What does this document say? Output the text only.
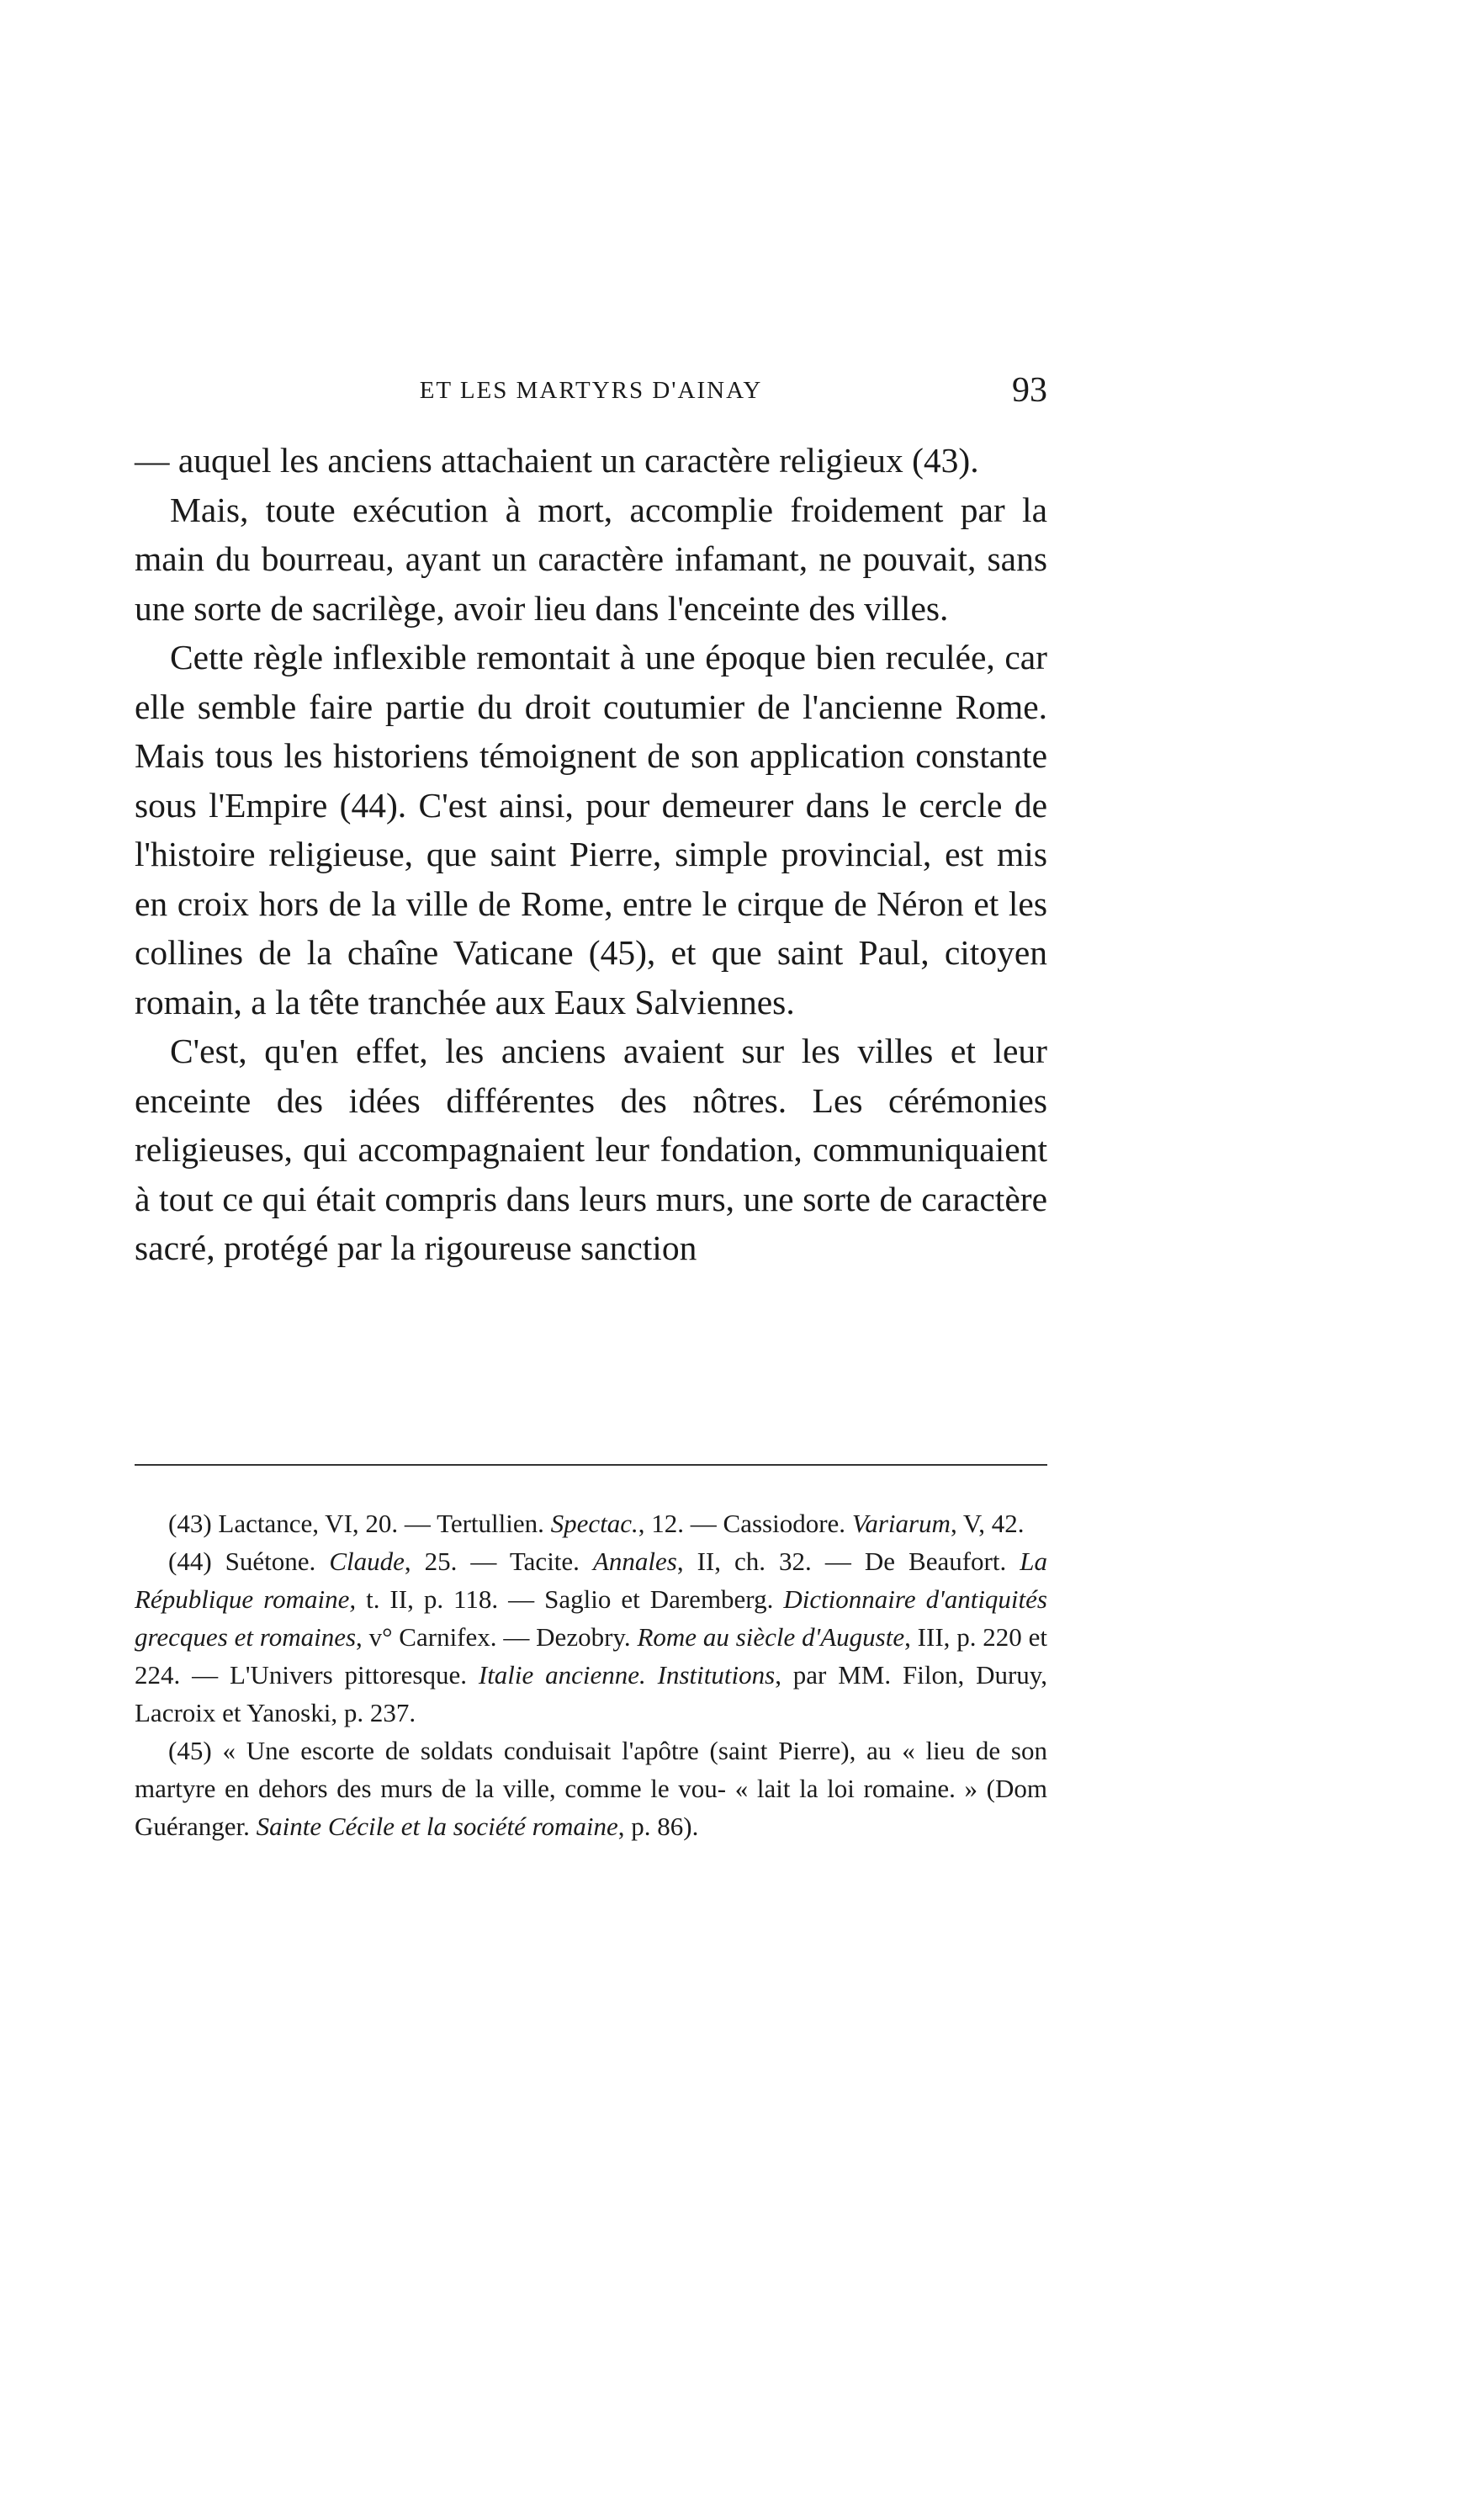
ET LES MARTYRS D'AINAY	93

— auquel les anciens attachaient un caractère religieux (43).

Mais, toute exécution à mort, accomplie froidement par la main du bourreau, ayant un caractère infamant, ne pouvait, sans une sorte de sacrilège, avoir lieu dans l'enceinte des villes.

Cette règle inflexible remontait à une époque bien reculée, car elle semble faire partie du droit coutumier de l'ancienne Rome. Mais tous les historiens témoignent de son application constante sous l'Empire (44). C'est ainsi, pour demeurer dans le cercle de l'histoire religieuse, que saint Pierre, simple provincial, est mis en croix hors de la ville de Rome, entre le cirque de Néron et les collines de la chaîne Vaticane (45), et que saint Paul, citoyen romain, a la tête tranchée aux Eaux Salviennes.

C'est, qu'en effet, les anciens avaient sur les villes et leur enceinte des idées différentes des nôtres. Les cérémonies religieuses, qui accompagnaient leur fondation, communiquaient à tout ce qui était compris dans leurs murs, une sorte de caractère sacré, protégé par la rigoureuse sanction

(43) Lactance, VI, 20. — Tertullien. Spectac., 12. — Cassiodore. Variarum, V, 42.

(44) Suétone. Claude, 25. — Tacite. Annales, II, ch. 32. — De Beaufort. La République romaine, t. II, p. 118. — Saglio et Daremberg. Dictionnaire d'antiquités grecques et romaines, v° Carnifex. — Dezobry. Rome au siècle d'Auguste, III, p. 220 et 224. — L'Univers pittoresque. Italie ancienne. Institutions, par MM. Filon, Duruy, Lacroix et Yanoski, p. 237.

(45) « Une escorte de soldats conduisait l'apôtre (saint Pierre), au « lieu de son martyre en dehors des murs de la ville, comme le vou- « lait la loi romaine. » (Dom Guéranger. Sainte Cécile et la société romaine, p. 86).
